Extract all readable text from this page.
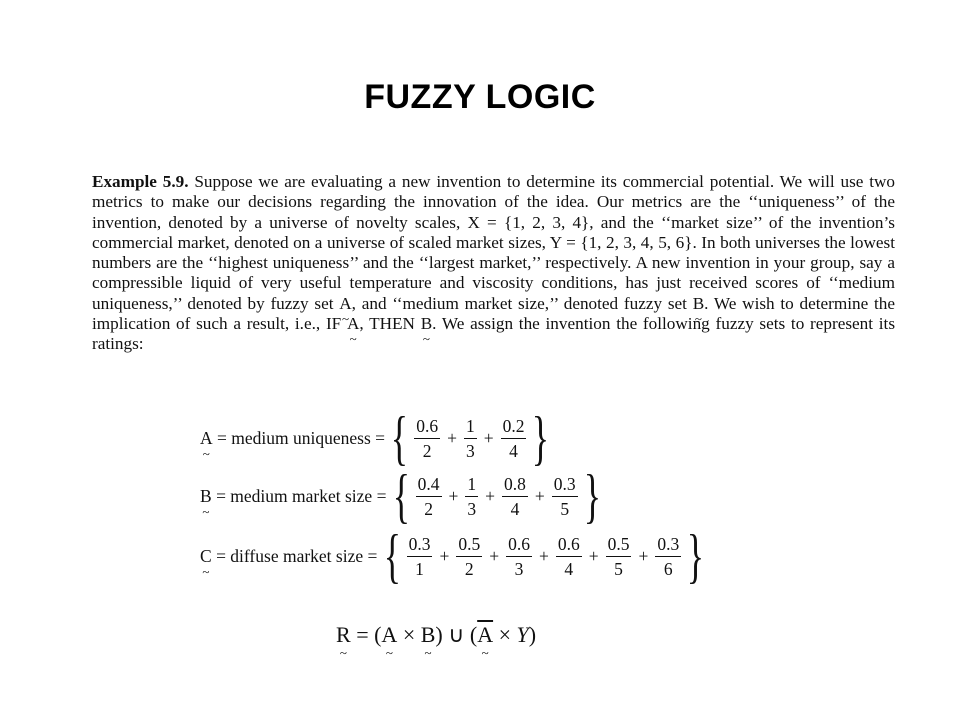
FUZZY LOGIC
Example 5.9. Suppose we are evaluating a new invention to determine its commercial potential. We will use two metrics to make our decisions regarding the innovation of the idea. Our metrics are the ‘‘uniqueness’’ of the invention, denoted by a universe of novelty scales, X = {1, 2, 3, 4}, and the ‘‘market size’’ of the invention’s commercial market, denoted on a universe of scaled market sizes, Y = {1, 2, 3, 4, 5, 6}. In both universes the lowest numbers are the ‘‘highest uniqueness’’ and the ‘‘largest market,’’ respectively. A new invention in your group, say a compressible liquid of very useful temperature and viscosity conditions, has just received scores of ‘‘medium uniqueness,’’ denoted by fuzzy set A ~, and ‘‘medium market size,’’ denoted fuzzy set B ~. We wish to determine the implication of such a result, i.e., IF A ~, THEN B ~. We assign the invention the following fuzzy sets to represent its ratings:
A ~ = medium uniqueness = { $\frac{0.6}{2} + \frac{1}{3} + \frac{0.2}{4}$ }
B ~ = medium market size = { $\frac{0.4}{2} + \frac{1}{3} + \frac{0.8}{4} + \frac{0.3}{5}$ }
C ~ = diffuse market size = { $\frac{0.3}{1} + \frac{0.5}{2} + \frac{0.6}{3} + \frac{0.6}{4} + \frac{0.5}{5} + \frac{0.3}{6}$ }
R ~ = (A ~ × B ~) ∪ ($\overline{A}$ ~ × Y)
